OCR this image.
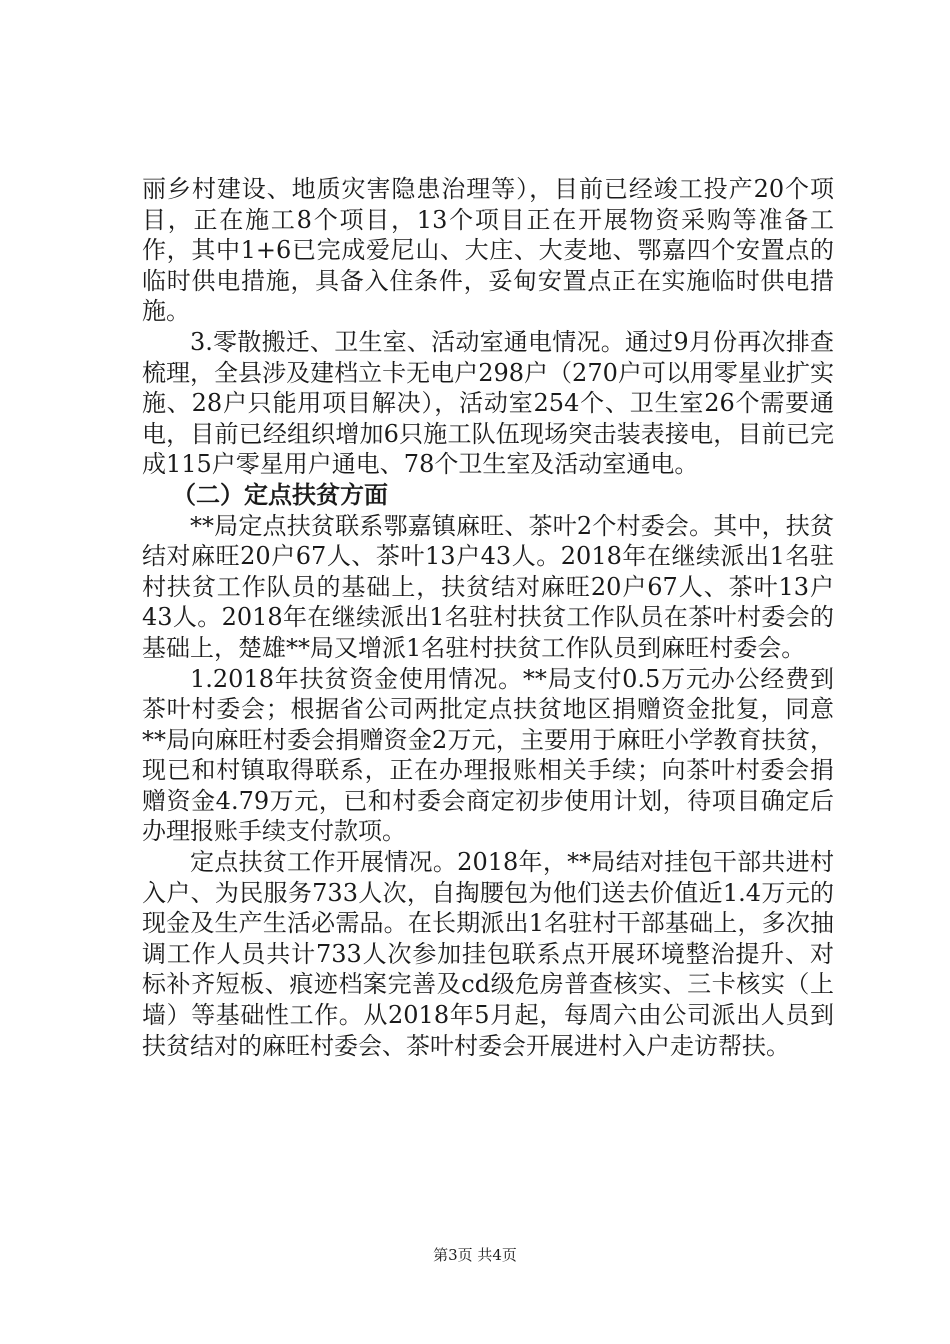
丽乡村建设、地质灾害隐患治理等），目前已经竣工投产20个项目，正在施工8个项目，13个项目正在开展物资采购等准备工作，其中1+6已完成爱尼山、大庄、大麦地、鄂嘉四个安置点的临时供电措施，具备入住条件，妥甸安置点正在实施临时供电措施。

3.零散搬迁、卫生室、活动室通电情况。通过9月份再次排查梳理，全县涉及建档立卡无电户298户（270户可以用零星业扩实施、28户只能用项目解决），活动室254个、卫生室26个需要通电，目前已经组织增加6只施工队伍现场突击装表接电，目前已完成115户零星用户通电、78个卫生室及活动室通电。

（二）定点扶贫方面

**局定点扶贫联系鄂嘉镇麻旺、茶叶2个村委会。其中，扶贫结对麻旺20户67人、茶叶13户43人。2018年在继续派出1名驻村扶贫工作队员的基础上，扶贫结对麻旺20户67人、茶叶13户43人。2018年在继续派出1名驻村扶贫工作队员在茶叶村委会的基础上，楚雄**局又增派1名驻村扶贫工作队员到麻旺村委会。

1.2018年扶贫资金使用情况。**局支付0.5万元办公经费到茶叶村委会；根据省公司两批定点扶贫地区捐赠资金批复，同意**局向麻旺村委会捐赠资金2万元，主要用于麻旺小学教育扶贫，现已和村镇取得联系，正在办理报账相关手续；向茶叶村委会捐赠资金4.79万元，已和村委会商定初步使用计划，待项目确定后办理报账手续支付款项。

定点扶贫工作开展情况。2018年，**局结对挂包干部共进村入户、为民服务733人次，自掏腰包为他们送去价值近1.4万元的现金及生产生活必需品。在长期派出1名驻村干部基础上，多次抽调工作人员共计733人次参加挂包联系点开展环境整治提升、对标补齐短板、痕迹档案完善及cd级危房普查核实、三卡核实（上墙）等基础性工作。从2018年5月起，每周六由公司派出人员到扶贫结对的麻旺村委会、茶叶村委会开展进村入户走访帮扶。

第3页 共4页
